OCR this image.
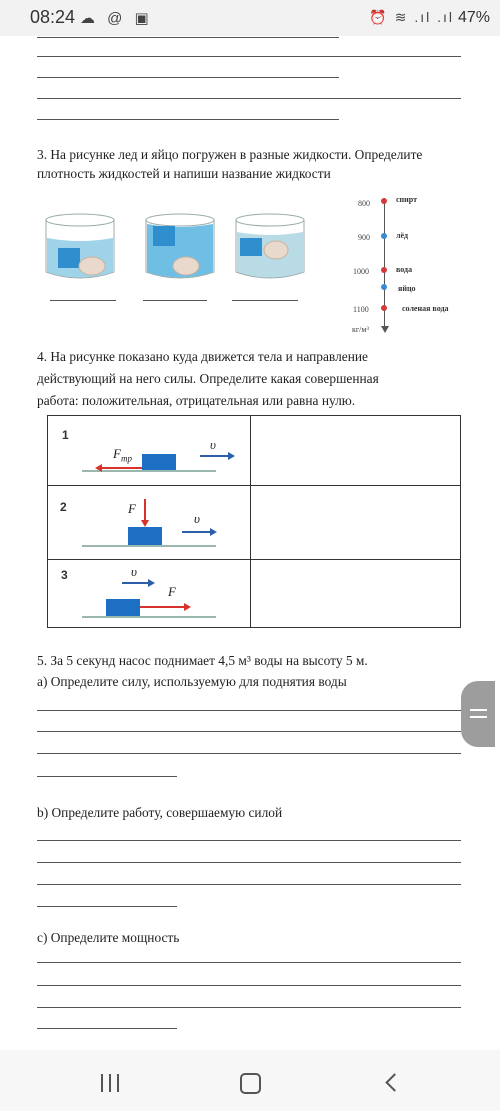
08:24 ☁ @ ▣	⏰ ≋ .ıl .ıl 47%
3. На рисунке лед и яйцо погружен в разные жидкости. Определите
плотность жидкостей и напиши название жидкости
800
900
1000
1100
кг/м³
спирт
лёд
вода
яйцо
соленая вода
4. На рисунке показано куда движется тела и направление
действующий на него силы. Определите какая совершенная
работа: положительная, отрицательная или равна нулю.

1
$F_{тр}$
υ
2	F
υ
3
F
υ
5. За 5 секунд насос поднимает 4,5 м³ воды на высоту 5 м.
а) Определите силу, используемую для поднятия воды
b) Определите работу, совершаемую силой
с) Определите мощность
